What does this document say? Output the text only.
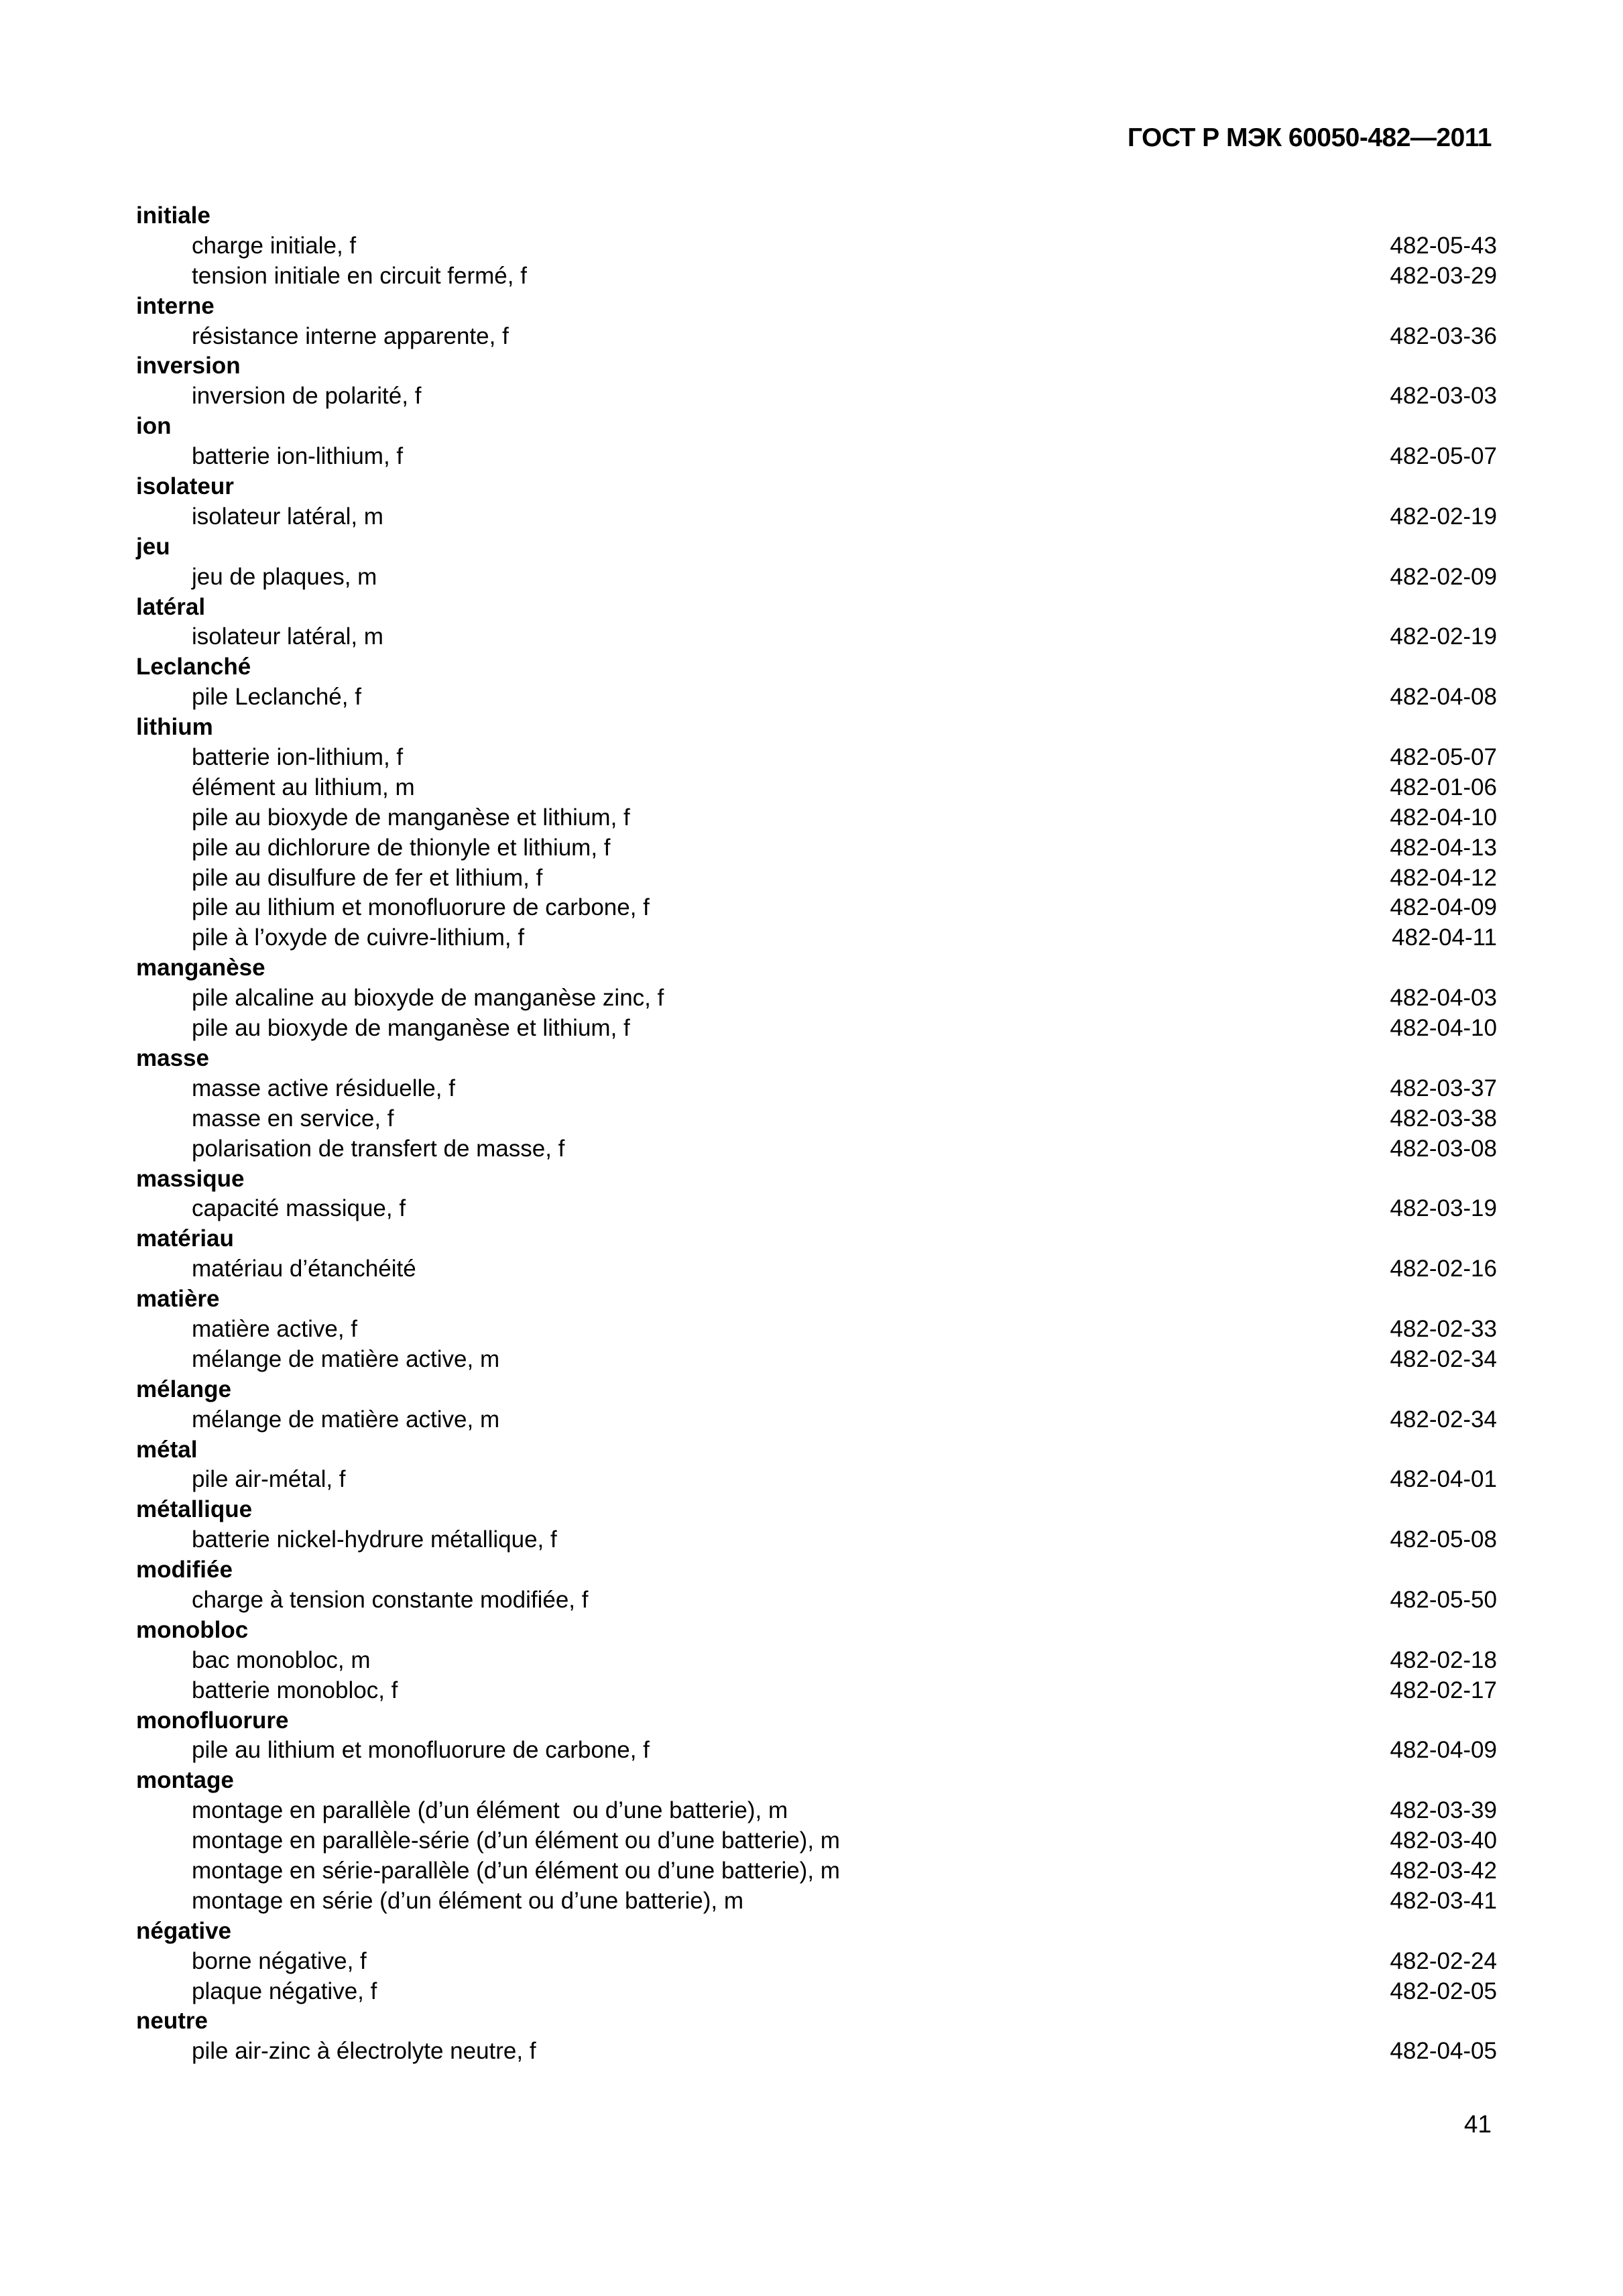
ГОСТ Р МЭК 60050-482—2011
initiale
charge initiale, f	482-05-43
tension initiale en circuit fermé, f	482-03-29
interne
résistance interne apparente, f	482-03-36
inversion
inversion de polarité, f	482-03-03
ion
batterie ion-lithium, f	482-05-07
isolateur
isolateur latéral, m	482-02-19
jeu
jeu de plaques, m	482-02-09
latéral
isolateur latéral, m	482-02-19
Leclanché
pile Leclanché, f	482-04-08
lithium
batterie ion-lithium, f	482-05-07
élément au lithium, m	482-01-06
pile au bioxyde de manganèse et lithium, f	482-04-10
pile au dichlorure de thionyle et lithium, f	482-04-13
pile au disulfure de fer et lithium, f	482-04-12
pile au lithium et monofluorure de carbone, f	482-04-09
pile à l’oxyde de cuivre-lithium, f	482-04-11
manganèse
pile alcaline au bioxyde de manganèse zinc, f	482-04-03
pile au bioxyde de manganèse et lithium, f	482-04-10
masse
masse active résiduelle, f	482-03-37
masse en service, f	482-03-38
polarisation de transfert de masse, f	482-03-08
massique
capacité massique, f	482-03-19
matériau
matériau d’étanchéité	482-02-16
matière
matière active, f	482-02-33
mélange de matière active, m	482-02-34
mélange
mélange de matière active, m	482-02-34
métal
pile air-métal, f	482-04-01
métallique
batterie nickel-hydrure métallique, f	482-05-08
modifiée
charge à tension constante modifiée, f	482-05-50
monobloc
bac monobloc, m	482-02-18
batterie monobloc, f	482-02-17
monofluorure
pile au lithium et monofluorure de carbone, f	482-04-09
montage
montage en parallèle (d’un élément  ou d’une batterie), m	482-03-39
montage en parallèle-série (d’un élément ou d’une batterie), m	482-03-40
montage en série-parallèle (d’un élément ou d’une batterie), m	482-03-42
montage en série (d’un élément ou d’une batterie), m	482-03-41
négative
borne négative, f	482-02-24
plaque négative, f	482-02-05
neutre
pile air-zinc à électrolyte neutre, f	482-04-05
41
